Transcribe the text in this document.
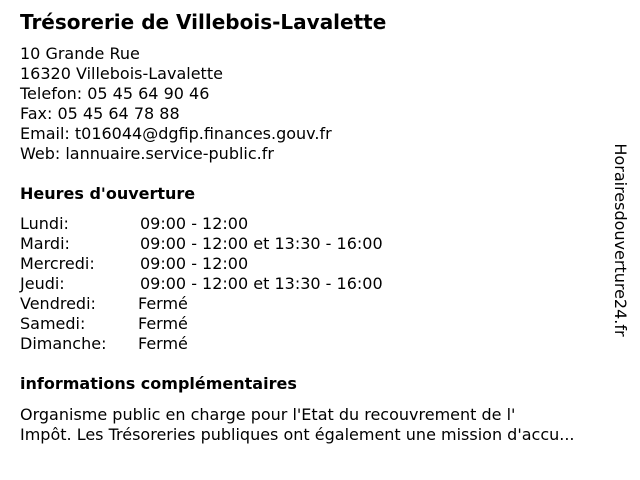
Trésorerie de Villebois-Lavalette
10 Grande Rue
16320 Villebois-Lavalette
Telefon: 05 45 64 90 46
Fax: 05 45 64 78 88
Email: t016044@dgfip.finances.gouv.fr
Web: lannuaire.service-public.fr
Heures d'ouverture
Lundi:	09:00 - 12:00
Mardi:	09:00 - 12:00 et 13:30 - 16:00
Mercredi:	09:00 - 12:00
Jeudi:	09:00 - 12:00 et 13:30 - 16:00
Vendredi:	Fermé
Samedi:	Fermé
Dimanche: Fermé
informations complémentaires
Organisme public en charge pour l'Etat du recouvrement de l'
Impôt. Les Trésoreries publiques ont également une mission d'accu...
Horairesdouverture24.fr
